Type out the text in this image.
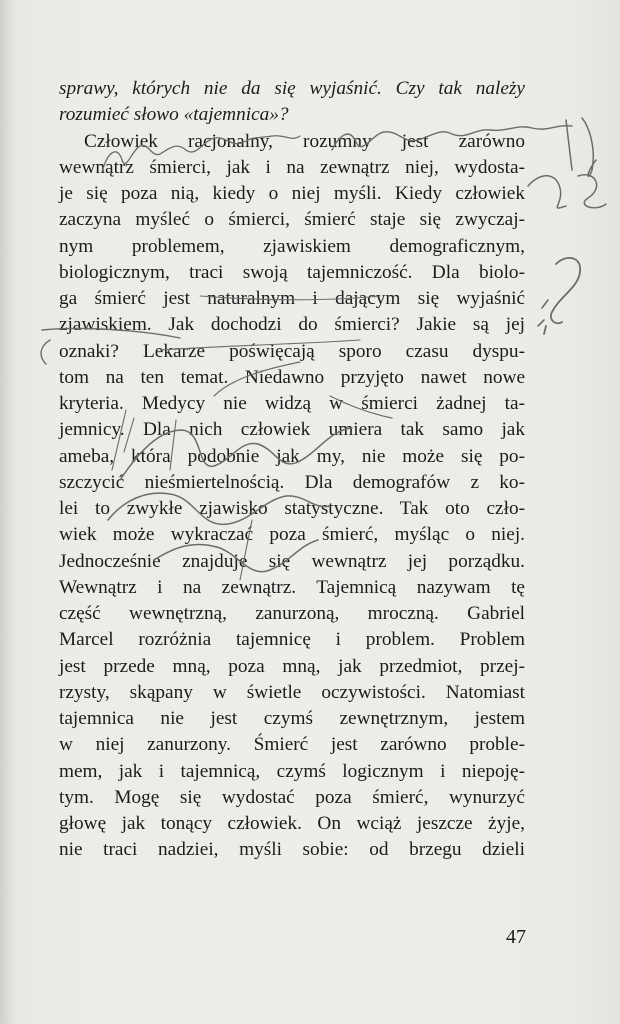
sprawy, których nie da się wyjaśnić. Czy tak należy
rozumieć słowo «tajemnica»?
Człowiek racjonalny, rozumny jest zarówno
wewnątrz śmierci, jak i na zewnątrz niej, wydosta-
je się poza nią, kiedy o niej myśli. Kiedy człowiek
zaczyna myśleć o śmierci, śmierć staje się zwyczaj-
nym problemem, zjawiskiem demograficznym,
biologicznym, traci swoją tajemniczość. Dla biolo-
ga śmierć jest naturalnym i dającym się wyjaśnić
zjawiskiem. Jak dochodzi do śmierci? Jakie są jej
oznaki? Lekarze poświęcają sporo czasu dyspu-
tom na ten temat. Niedawno przyjęto nawet nowe
kryteria. Medycy nie widzą w śmierci żadnej ta-
jemnicy. Dla nich człowiek umiera tak samo jak
ameba, która podobnie jak my, nie może się po-
szczycić nieśmiertelnością. Dla demografów z ko-
lei to zwykłe zjawisko statystyczne. Tak oto czło-
wiek może wykraczać poza śmierć, myśląc o niej.
Jednocześnie znajduje się wewnątrz jej porządku.
Wewnątrz i na zewnątrz. Tajemnicą nazywam tę
część wewnętrzną, zanurzoną, mroczną. Gabriel
Marcel rozróżnia tajemnicę i problem. Problem
jest przede mną, poza mną, jak przedmiot, przej-
rzysty, skąpany w świetle oczywistości. Natomiast
tajemnica nie jest czymś zewnętrznym, jestem
w niej zanurzony. Śmierć jest zarówno proble-
mem, jak i tajemnicą, czymś logicznym i niepoję-
tym. Mogę się wydostać poza śmierć, wynurzyć
głowę jak tonący człowiek. On wciąż jeszcze żyje,
nie traci nadziei, myśli sobie: od brzegu dzieli
47
